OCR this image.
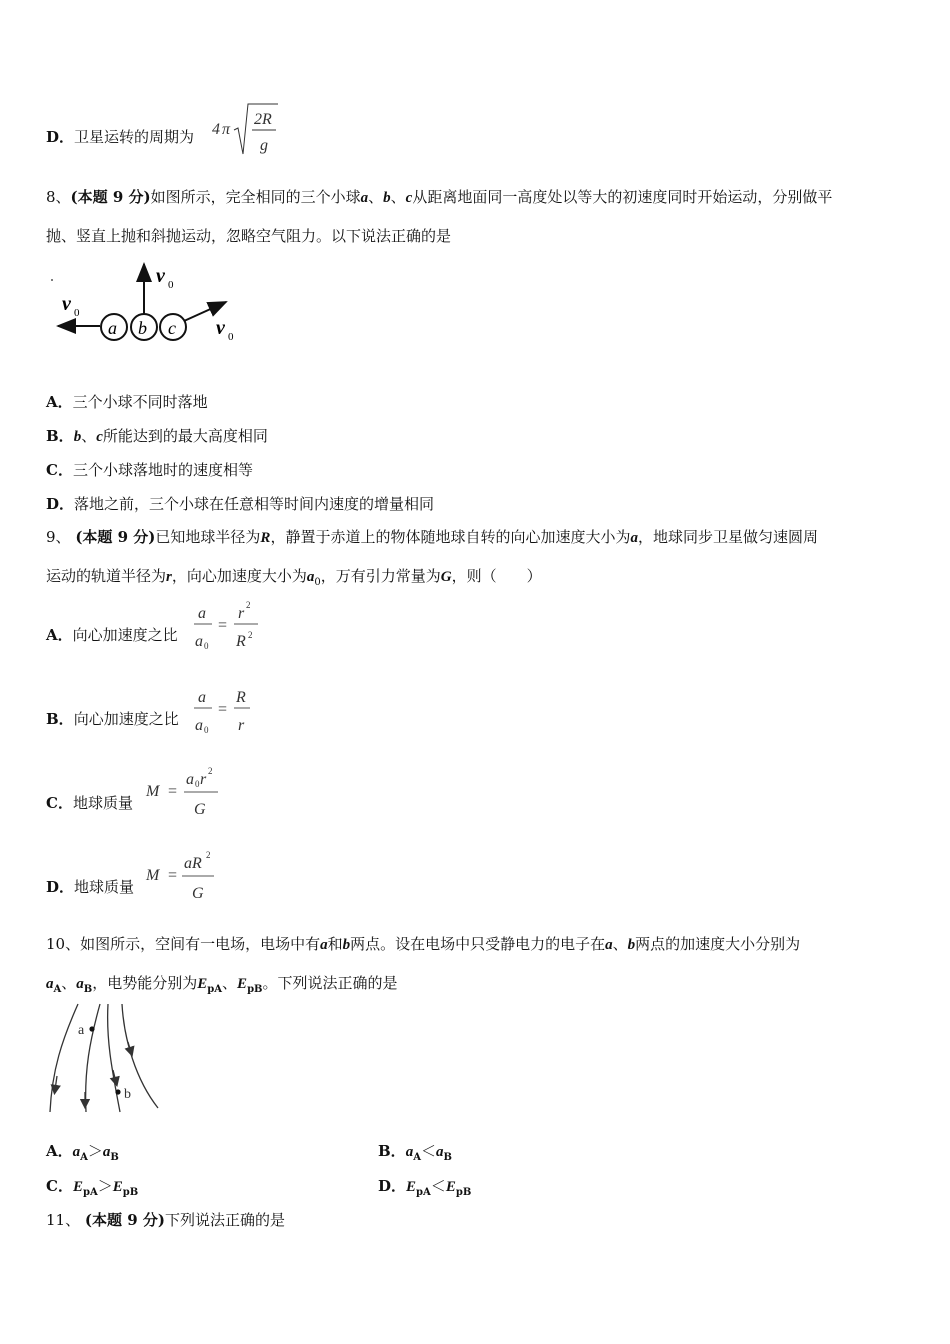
D．卫星运转的周期为 4 π
2R
g
8、(本题 9 分)如图所示，完全相同的三个小球a、b、c从距离地面同一高度处以等大的初速度同时开始运动，分别做平
抛、竖直上抛和斜抛运动，忽略空气阻力。以下说法正确的是
v 0
a b c
v 0
v 0
A．三个小球不同时落地
B．b、c所能达到的最大高度相同
C．三个小球落地时的速度相等
D．落地之前，三个小球在任意相等时间内速度的增量相同
9、 (本题 9 分)已知地球半径为R，静置于赤道上的物体随地球自转的向心加速度大小为a，地球同步卫星做匀速圆周
运动的轨道半径为r，向心加速度大小为$a_0$，万有引力常量为G，则（　　）
A．向心加速度之比
a
a 0
=
r 2
R 2
B．向心加速度之比
a
a 0
=
R
r
C．地球质量
M =
a 0 r 2
G
D．地球质量
M =
aR 2
G
10、如图所示，空间有一电场，电场中有a和b两点。设在电场中只受静电力的电子在a、b两点的加速度大小分别为
$a_A$、$a_B$，电势能分别为$E_{pA}$、$E_{pB}$。下列说法正确的是
a
b
A．$a_A>a_B$	B．$a_A<a_B$
C．$E_{pA}>E_{pB}$	D．$E_{pA}<E_{pB}$
11、 (本题 9 分)下列说法正确的是
